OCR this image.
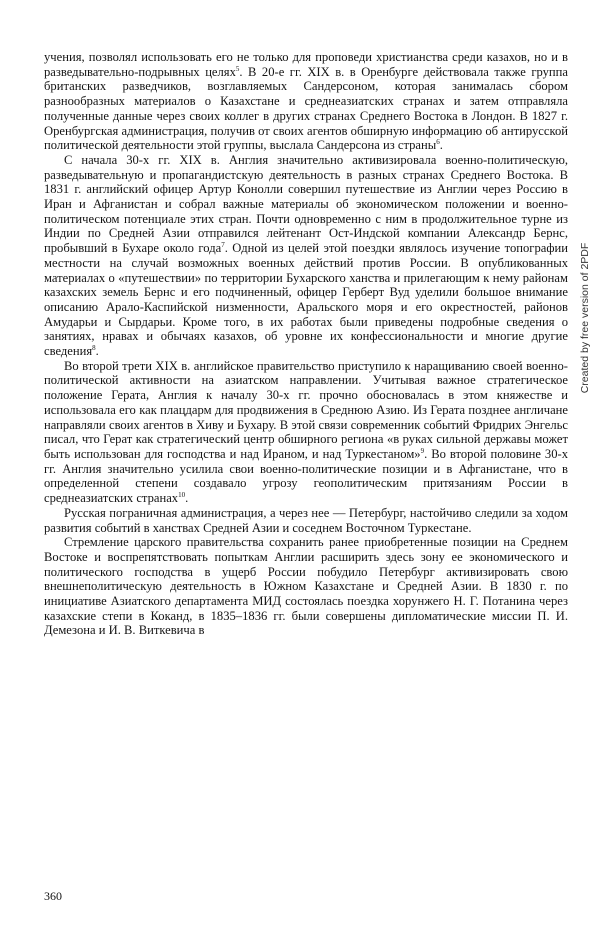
учения, позволял использовать его не только для проповеди христианства среди казахов, но и в разведывательно-подрывных целях$^5$. В 20-е гг. XIX в. в Оренбурге действовала также группа британских разведчиков, возглавляемых Сандерсоном, которая занималась сбором разнообразных материалов о Казахстане и среднеазиатских странах и затем отправляла полученные данные через своих коллег в других странах Среднего Востока в Лондон. В 1827 г. Оренбургская администрация, получив от своих агентов обширную информацию об антирусской политической деятельности этой группы, выслала Сандерсона из страны$^6$.

С начала 30-х гг. XIX в. Англия значительно активизировала военно-политическую, разведывательную и пропагандистскую деятельность в разных странах Среднего Востока. В 1831 г. английский офицер Артур Конолли совершил путешествие из Англии через Россию в Иран и Афганистан и собрал важные материалы об экономическом положении и военно-политическом потенциале этих стран. Почти одновременно с ним в продолжительное турне из Индии по Средней Азии отправился лейтенант Ост-Индской компании Александр Бернс, пробывший в Бухаре около года$^7$. Одной из целей этой поездки являлось изучение топографии местности на случай возможных военных действий против России. В опубликованных материалах о «путешествии» по территории Бухарского ханства и прилегающим к нему районам казахских земель Бернс и его подчиненный, офицер Герберт Вуд уделили большое внимание описанию Арало-Каспийской низменности, Аральского моря и его окрестностей, районов Амударьи и Сырдарьи. Кроме того, в их работах были приведены подробные сведения о занятиях, нравах и обычаях казахов, об уровне их конфессиональности и многие другие сведения$^8$.

Во второй трети XIX в. английское правительство приступило к наращиванию своей военно-политической активности на азиатском направлении. Учитывая важное стратегическое положение Герата, Англия к началу 30-х гг. прочно обосновалась в этом княжестве и использовала его как плацдарм для продвижения в Среднюю Азию. Из Герата позднее англичане направляли своих агентов в Хиву и Бухару. В этой связи современник событий Фридрих Энгельс писал, что Герат как стратегический центр обширного региона «в руках сильной державы может быть использован для господства и над Ираном, и над Туркестаном»$^9$. Во второй половине 30-х гг. Англия значительно усилила свои военно-политические позиции и в Афганистане, что в определенной степени создавало угрозу геополитическим притязаниям России в среднеазиатских странах$^{10}$.

Русская пограничная администрация, а через нее — Петербург, настойчиво следили за ходом развития событий в ханствах Средней Азии и соседнем Восточном Туркестане.

Стремление царского правительства сохранить ранее приобретенные позиции на Среднем Востоке и воспрепятствовать попыткам Англии расширить здесь зону ее экономического и политического господства в ущерб России побудило Петербург активизировать свою внешнеполитическую деятельность в Южном Казахстане и Средней Азии. В 1830 г. по инициативе Азиатского департамента МИД состоялась поездка хорунжего Н. Г. Потанина через казахские степи в Коканд, в 1835–1836 гг. были совершены дипломатические миссии П. И. Демезона и И. В. Виткевича в

Created by free version of 2PDF
360
